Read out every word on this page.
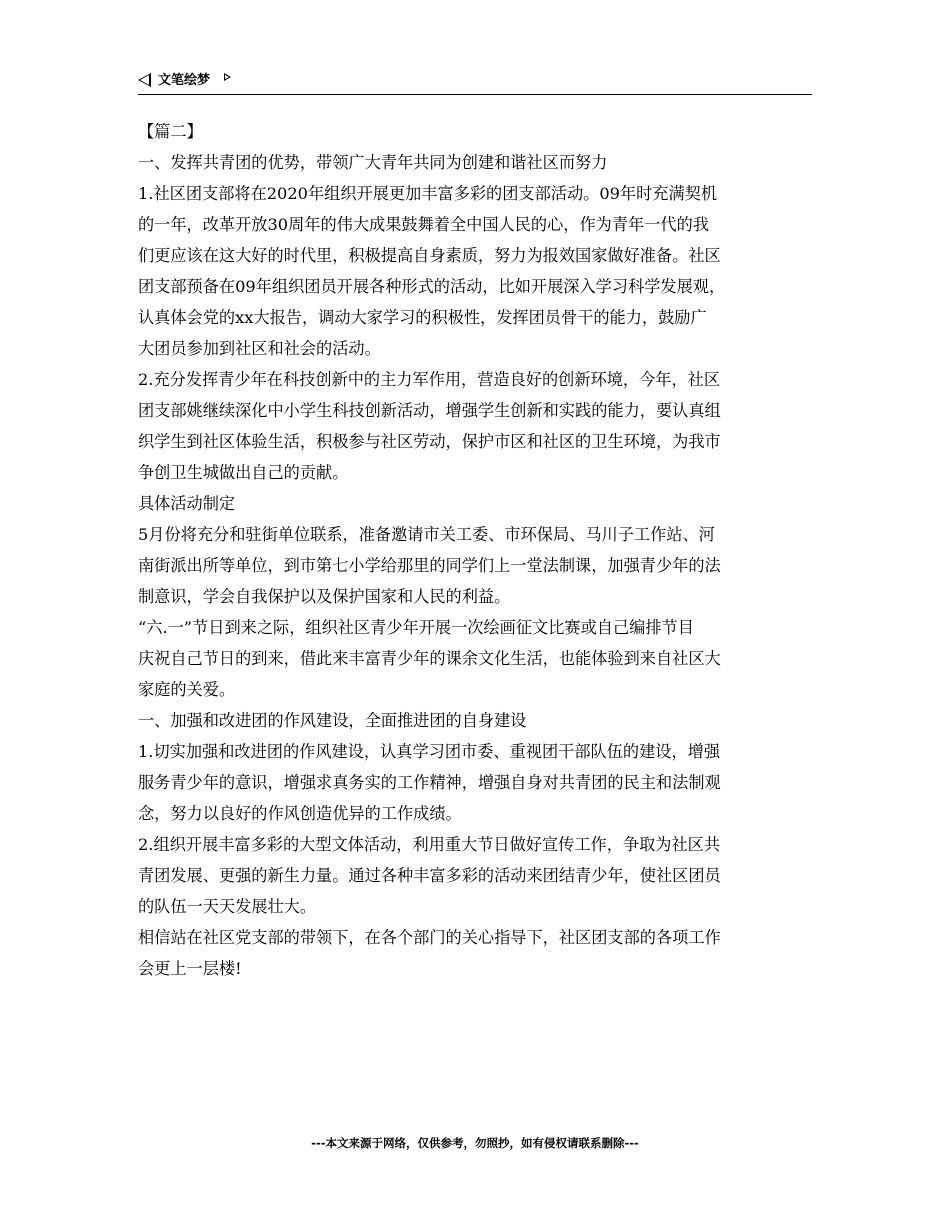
文笔绘梦
【篇二】
一、发挥共青团的优势，带领广大青年共同为创建和谐社区而努力
1.社区团支部将在2020年组织开展更加丰富多彩的团支部活动。09年时充满契机
的一年，改革开放30周年的伟大成果鼓舞着全中国人民的心，作为青年一代的我
们更应该在这大好的时代里，积极提高自身素质，努力为报效国家做好准备。社区
团支部预备在09年组织团员开展各种形式的活动，比如开展深入学习科学发展观，
认真体会党的xx大报告，调动大家学习的积极性，发挥团员骨干的能力，鼓励广
大团员参加到社区和社会的活动。
2.充分发挥青少年在科技创新中的主力军作用，营造良好的创新环境，今年，社区
团支部姚继续深化中小学生科技创新活动，增强学生创新和实践的能力，要认真组
织学生到社区体验生活，积极参与社区劳动，保护市区和社区的卫生环境，为我市
争创卫生城做出自己的贡献。
具体活动制定
5月份将充分和驻街单位联系，准备邀请市关工委、市环保局、马川子工作站、河
南街派出所等单位，到市第七小学给那里的同学们上一堂法制课，加强青少年的法
制意识，学会自我保护以及保护国家和人民的利益。
“六.一”节日到来之际，组织社区青少年开展一次绘画征文比赛或自己编排节目
庆祝自己节日的到来，借此来丰富青少年的课余文化生活，也能体验到来自社区大
家庭的关爱。
一、加强和改进团的作风建设，全面推进团的自身建设
1.切实加强和改进团的作风建设，认真学习团市委、重视团干部队伍的建设，增强
服务青少年的意识，增强求真务实的工作精神，增强自身对共青团的民主和法制观
念，努力以良好的作风创造优异的工作成绩。
2.组织开展丰富多彩的大型文体活动，利用重大节日做好宣传工作，争取为社区共
青团发展、更强的新生力量。通过各种丰富多彩的活动来团结青少年，使社区团员
的队伍一天天发展壮大。
相信站在社区党支部的带领下，在各个部门的关心指导下，社区团支部的各项工作
会更上一层楼!
---本文来源于网络，仅供参考，勿照抄，如有侵权请联系删除---
